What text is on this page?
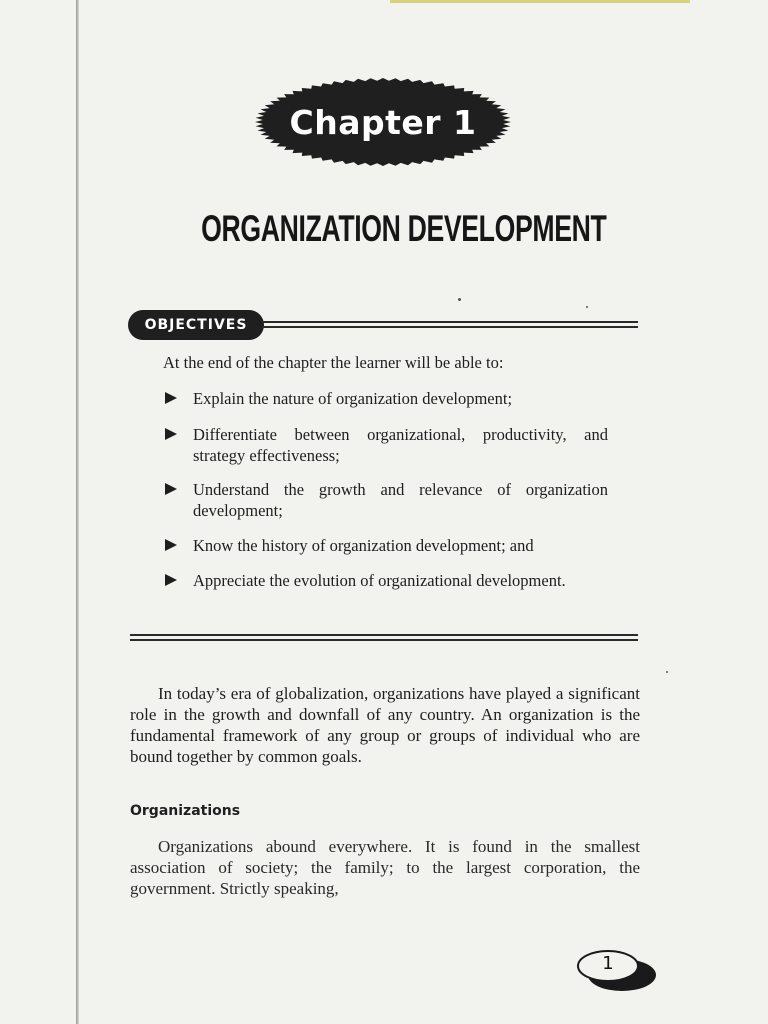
Chapter 1
ORGANIZATION DEVELOPMENT
OBJECTIVES
At the end of the chapter the learner will be able to:
Explain the nature of organization development;
Differentiate between organizational, productivity, and strategy effectiveness;
Understand the growth and relevance of organization development;
Know the history of organization development; and
Appreciate the evolution of organizational development.

In today’s era of globalization, organizations have played a significant role in the growth and downfall of any country. An organization is the fundamental framework of any group or groups of individual who are bound together by common goals.

Organizations

Organizations abound everywhere. It is found in the smallest association of society; the family; to the largest corporation, the government. Strictly speaking,

1
